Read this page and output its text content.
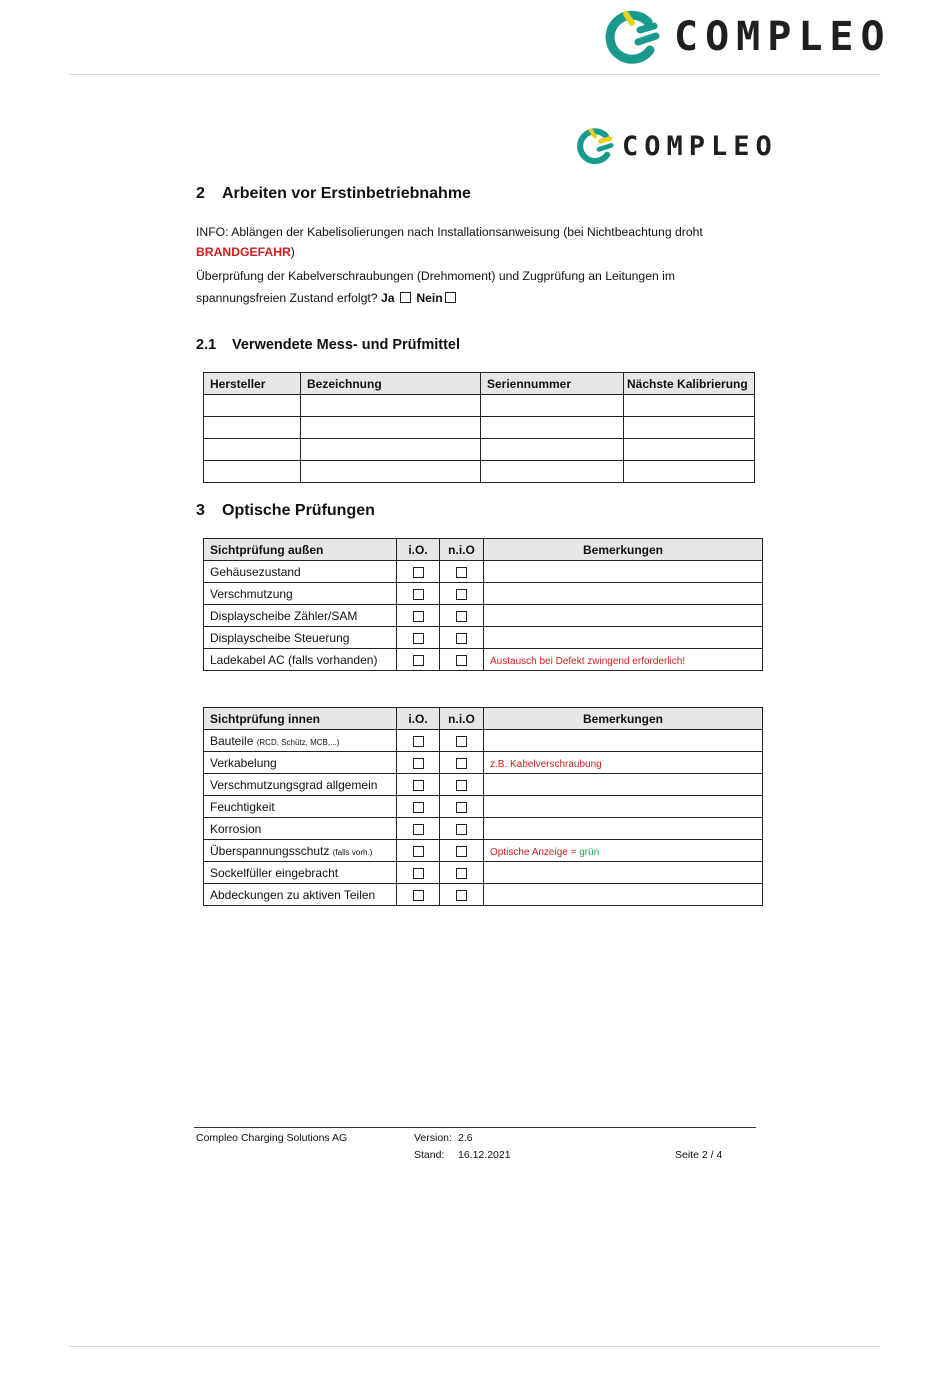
COMPLEO
COMPLEO
2 Arbeiten vor Erstinbetriebnahme
INFO: Ablängen der Kabelisolierungen nach Installationsanweisung (bei Nichtbeachtung droht
BRANDGEFAHR)
Überprüfung der Kabelverschraubungen (Drehmoment) und Zugprüfung an Leitungen im
spannungsfreien Zustand erfolgt? Ja Nein
2.1 Verwendete Mess- und Prüfmittel
Hersteller	Bezeichnung	Seriennummer	Nächste Kalibrierung

3 Optische Prüfungen
Sichtprüfung außen	i.O.	n.i.O	Bemerkungen
Gehäusezustand			
Verschmutzung			
Displayscheibe Zähler/SAM			
Displayscheibe Steuerung			
Ladekabel AC (falls vorhanden)			Austausch bei Defekt zwingend erforderlich!
Sichtprüfung innen	i.O.	n.i.O	Bemerkungen
Bauteile (RCD, Schütz, MCB,...)			
Verkabelung			z.B. Kabelverschraubung
Verschmutzungsgrad allgemein			
Feuchtigkeit			
Korrosion			
Überspannungsschutz (falls vorh.)			Optische Anzeige = grün
Sockelfüller eingebracht			
Abdeckungen zu aktiven Teilen			
Compleo Charging Solutions AG	Version: 2.6
Stand: 16.12.2021	Seite 2 / 4
